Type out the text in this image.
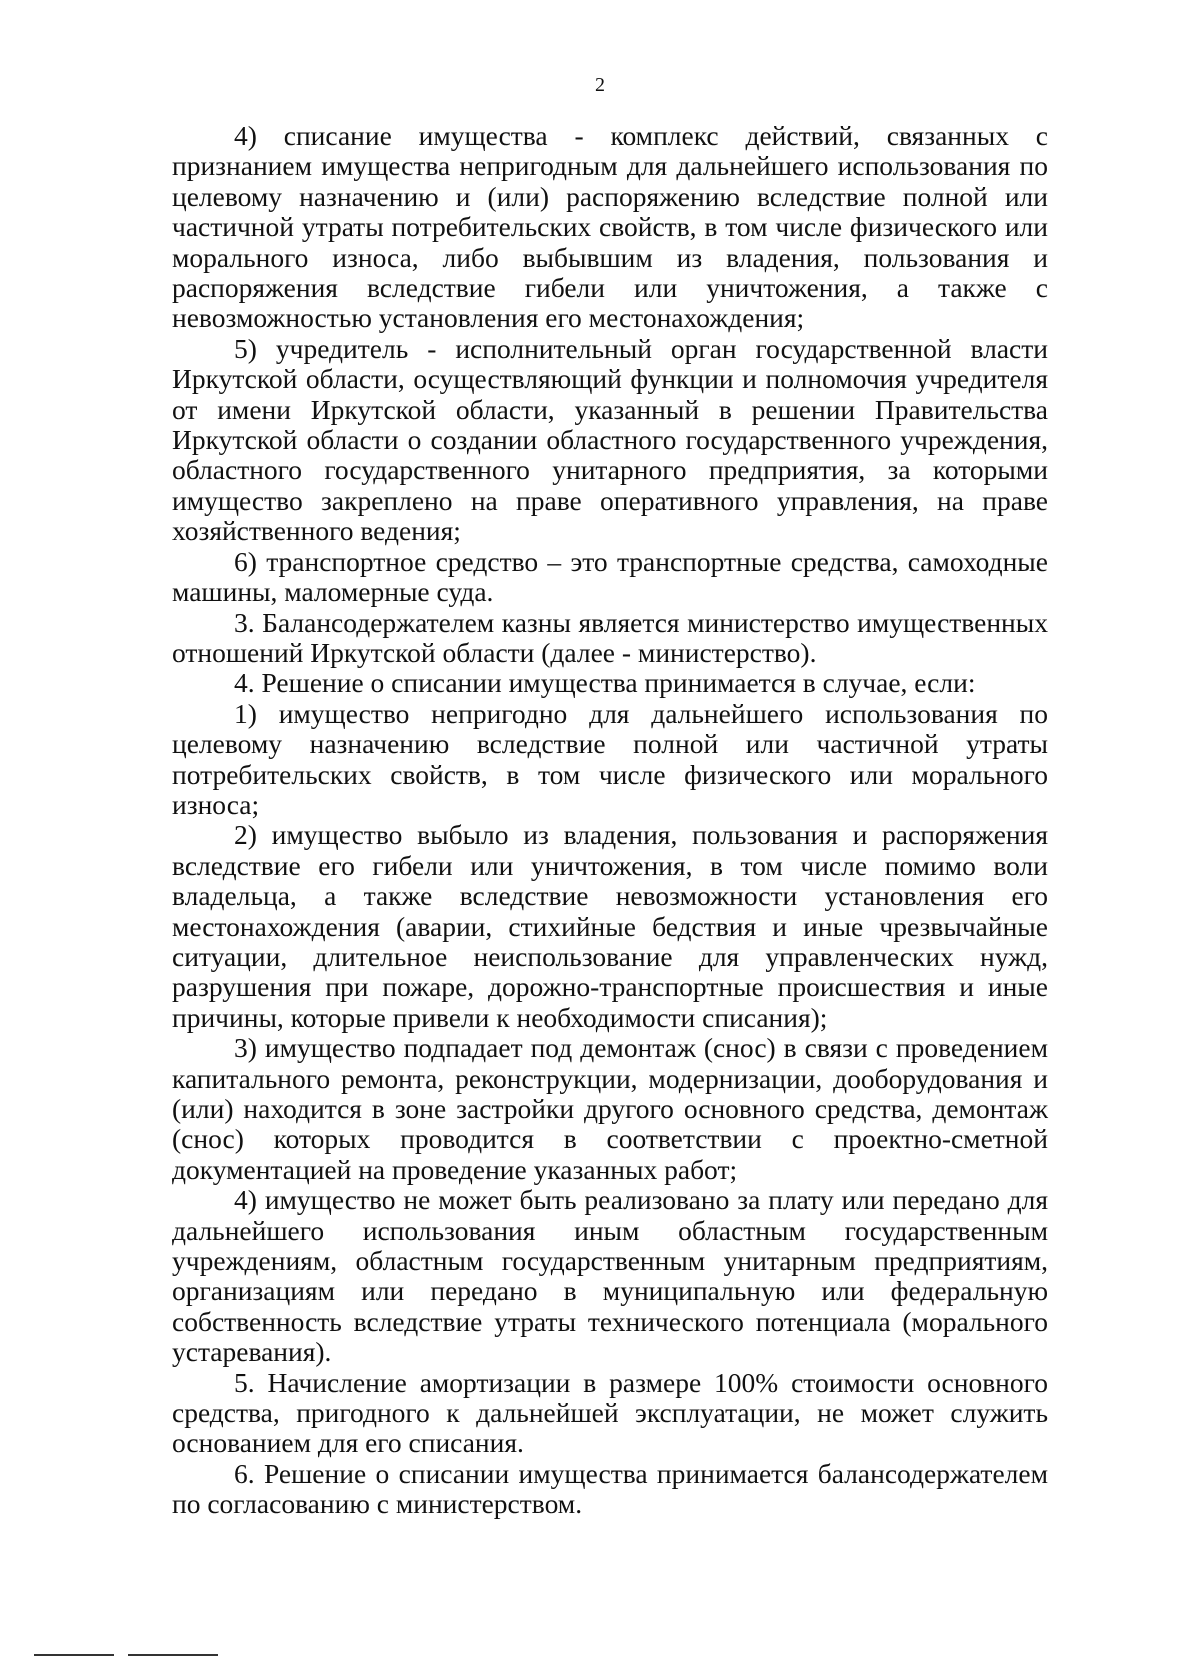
2

4) списание имущества - комплекс действий, связанных с признанием имущества непригодным для дальнейшего использования по целевому назначению и (или) распоряжению вследствие полной или частичной утраты потребительских свойств, в том числе физического или морального износа, либо выбывшим из владения, пользования и распоряжения вследствие гибели или уничтожения, а также с невозможностью установления его местонахождения;

5) учредитель - исполнительный орган государственной власти Иркутской области, осуществляющий функции и полномочия учредителя от имени Иркутской области, указанный в решении Правительства Иркутской области о создании областного государственного учреждения, областного государственного унитарного предприятия, за которыми имущество закреплено на праве оперативного управления, на праве хозяйственного ведения;

6) транспортное средство – это транспортные средства, самоходные машины, маломерные суда.

3. Балансодержателем казны является министерство имущественных отношений Иркутской области (далее - министерство).

4. Решение о списании имущества принимается в случае, если:

1) имущество непригодно для дальнейшего использования по целевому назначению вследствие полной или частичной утраты потребительских свойств, в том числе физического или морального износа;

2) имущество выбыло из владения, пользования и распоряжения вследствие его гибели или уничтожения, в том числе помимо воли владельца, а также вследствие невозможности установления его местонахождения (аварии, стихийные бедствия и иные чрезвычайные ситуации, длительное неиспользование для управленческих нужд, разрушения при пожаре, дорожно-транспортные происшествия и иные причины, которые привели к необходимости списания);

3) имущество подпадает под демонтаж (снос) в связи с проведением капитального ремонта, реконструкции, модернизации, дооборудования и (или) находится в зоне застройки другого основного средства, демонтаж (снос) которых проводится в соответствии с проектно-сметной документацией на проведение указанных работ;

4) имущество не может быть реализовано за плату или передано для дальнейшего использования иным областным государственным учреждениям, областным государственным унитарным предприятиям, организациям или передано в муниципальную или федеральную собственность вследствие утраты технического потенциала (морального устаревания).

5. Начисление амортизации в размере 100% стоимости основного средства, пригодного к дальнейшей эксплуатации, не может служить основанием для его списания.

6. Решение о списании имущества принимается балансодержателем по согласованию с министерством.
